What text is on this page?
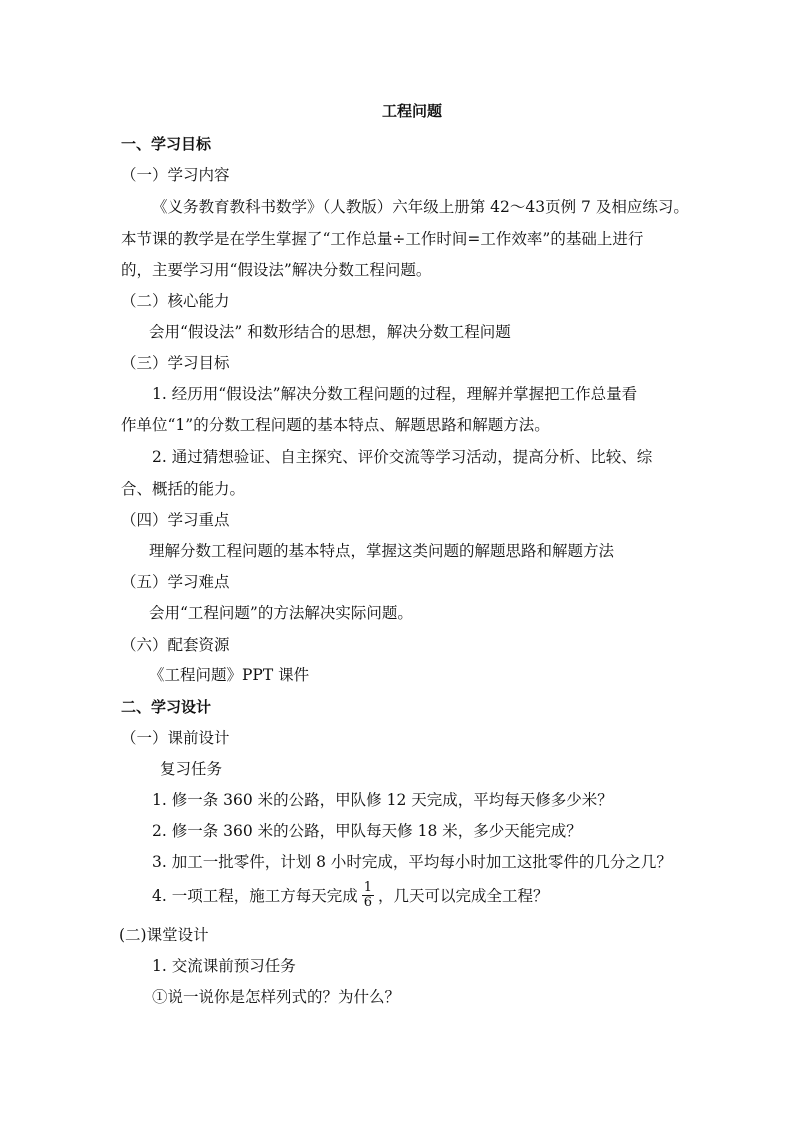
工程问题
一、学习目标
（一）学习内容
《义务教育教科书数学》（人教版）六年级上册第 42～43页例 7 及相应练习。
本节课的教学是在学生掌握了“工作总量÷工作时间=工作效率”的基础上进行
的，主要学习用“假设法”解决分数工程问题。
（二）核心能力
会用“假设法” 和数形结合的思想，解决分数工程问题
（三）学习目标
1. 经历用“假设法”解决分数工程问题的过程，理解并掌握把工作总量看
作单位“1”的分数工程问题的基本特点、解题思路和解题方法。
2. 通过猜想验证、自主探究、评价交流等学习活动，提高分析、比较、综
合、概括的能力。
（四）学习重点
理解分数工程问题的基本特点，掌握这类问题的解题思路和解题方法
（五）学习难点
会用“工程问题”的方法解决实际问题。
（六）配套资源
《工程问题》PPT 课件
二、学习设计
（一）课前设计
复习任务
1. 修一条 360 米的公路，甲队修 12 天完成，平均每天修多少米？
2. 修一条 360 米的公路，甲队每天修 18 米，多少天能完成？
3. 加工一批零件，计划 8 小时完成，平均每小时加工这批零件的几分之几？
4. 一项工程，施工方每天完成 $\frac{1}{6}$ ，几天可以完成全工程？
(二)课堂设计
1. 交流课前预习任务
①说一说你是怎样列式的？为什么？
